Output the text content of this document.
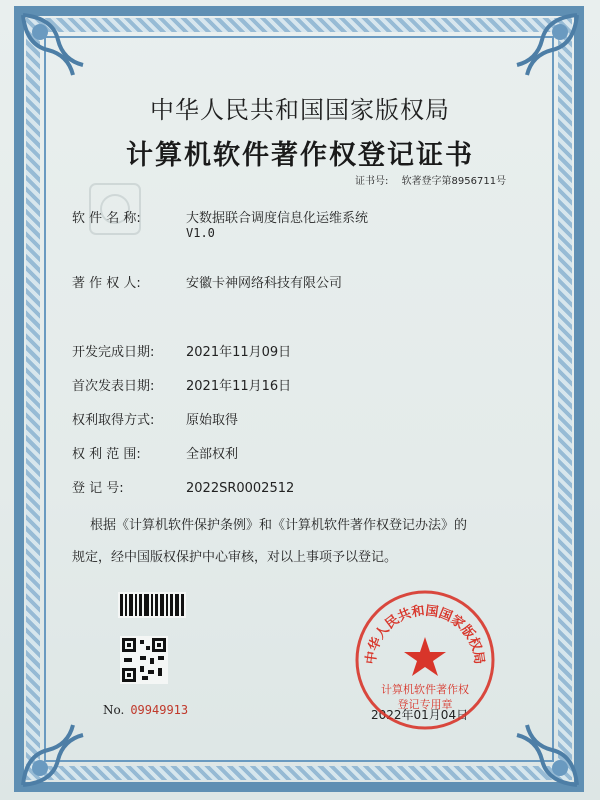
中华人民共和国国家版权局
计算机软件著作权登记证书
证书号: 软著登字第8956711号
软 件 名 称:	大数据联合调度信息化运维系统
V1.0
著 作 权 人:	安徽卡神网络科技有限公司
开发完成日期: 2021年11月09日
首次发表日期: 2021年11月16日
权利取得方式: 原始取得
权 利 范 围:	全部权利
登 记 号:	2022SR0002512
根据《计算机软件保护条例》和《计算机软件著作权登记办法》的
规定，经中国版权保护中心审核，对以上事项予以登记。
No. 09949913	2022年01月04日
中华人民共和国国家版权局
计算机软件著作权
登记专用章
